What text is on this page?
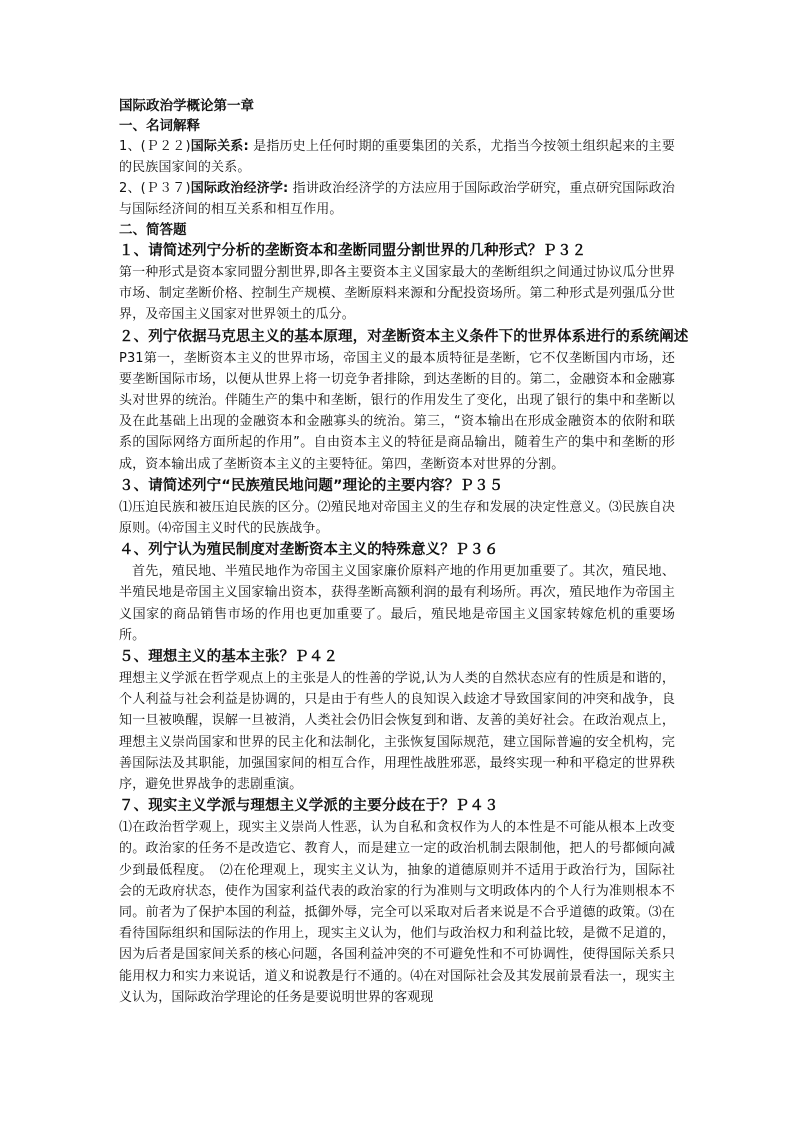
国际政治学概论第一章

一、名词解释

1、(Ｐ２２)国际关系: 是指历史上任何时期的重要集团的关系，尤指当今按领土组织起来的主要的民族国家间的关系。

2、(Ｐ３７)国际政治经济学: 指讲政治经济学的方法应用于国际政治学研究，重点研究国际政治与国际经济间的相互关系和相互作用。

二、简答题

１、请简述列宁分析的垄断资本和垄断同盟分割世界的几种形式？Ｐ３２

第一种形式是资本家同盟分割世界,即各主要资本主义国家最大的垄断组织之间通过协议瓜分世界市场、制定垄断价格、控制生产规模、垄断原料来源和分配投资场所。第二种形式是列强瓜分世界，及帝国主义国家对世界领土的瓜分。

２、列宁依据马克思主义的基本原理，对垄断资本主义条件下的世界体系进行的系统阐述

P31第一，垄断资本主义的世界市场，帝国主义的最本质特征是垄断，它不仅垄断国内市场，还要垄断国际市场，以便从世界上将一切竞争者排除，到达垄断的目的。第二，金融资本和金融寡头对世界的统治。伴随生产的集中和垄断，银行的作用发生了变化，出现了银行的集中和垄断以及在此基础上出现的金融资本和金融寡头的统治。第三，“资本输出在形成金融资本的依附和联系的国际网络方面所起的作用”。自由资本主义的特征是商品输出，随着生产的集中和垄断的形成，资本输出成了垄断资本主义的主要特征。第四，垄断资本对世界的分割。

３、请简述列宁“民族殖民地问题”理论的主要内容？Ｐ３５

⑴压迫民族和被压迫民族的区分。⑵殖民地对帝国主义的生存和发展的决定性意义。⑶民族自决原则。⑷帝国主义时代的民族战争。

４、列宁认为殖民制度对垄断资本主义的特殊意义？Ｐ３６

首先，殖民地、半殖民地作为帝国主义国家廉价原料产地的作用更加重要了。其次，殖民地、半殖民地是帝国主义国家输出资本，获得垄断高额利润的最有利场所。再次，殖民地作为帝国主义国家的商品销售市场的作用也更加重要了。最后，殖民地是帝国主义国家转嫁危机的重要场所。

５、理想主义的基本主张？Ｐ４２

理想主义学派在哲学观点上的主张是人的性善的学说,认为人类的自然状态应有的性质是和谐的，个人利益与社会利益是协调的，只是由于有些人的良知误入歧途才导致国家间的冲突和战争，良知一旦被唤醒，误解一旦被消，人类社会仍旧会恢复到和谐、友善的美好社会。在政治观点上，理想主义崇尚国家和世界的民主化和法制化，主张恢复国际规范，建立国际普遍的安全机构，完善国际法及其职能，加强国家间的相互合作，用理性战胜邪恶，最终实现一种和平稳定的世界秩序，避免世界战争的悲剧重演。

７、现实主义学派与理想主义学派的主要分歧在于？Ｐ４３

⑴在政治哲学观上，现实主义崇尚人性恶，认为自私和贪权作为人的本性是不可能从根本上改变的。政治家的任务不是改造它、教育人，而是建立一定的政治机制去限制他，把人的号都倾向减少到最低程度。　⑵在伦理观上，现实主义认为，抽象的道德原则并不适用于政治行为，国际社会的无政府状态，使作为国家利益代表的政治家的行为准则与文明政体内的个人行为准则根本不同。前者为了保护本国的利益，抵御外辱，完全可以采取对后者来说是不合乎道德的政策。⑶在看待国际组织和国际法的作用上，现实主义认为，他们与政治权力和利益比较，是微不足道的，因为后者是国家间关系的核心问题，各国利益冲突的不可避免性和不可协调性，使得国际关系只能用权力和实力来说话，道义和说教是行不通的。⑷在对国际社会及其发展前景看法一，现实主义认为，国际政治学理论的任务是要说明世界的客观现
